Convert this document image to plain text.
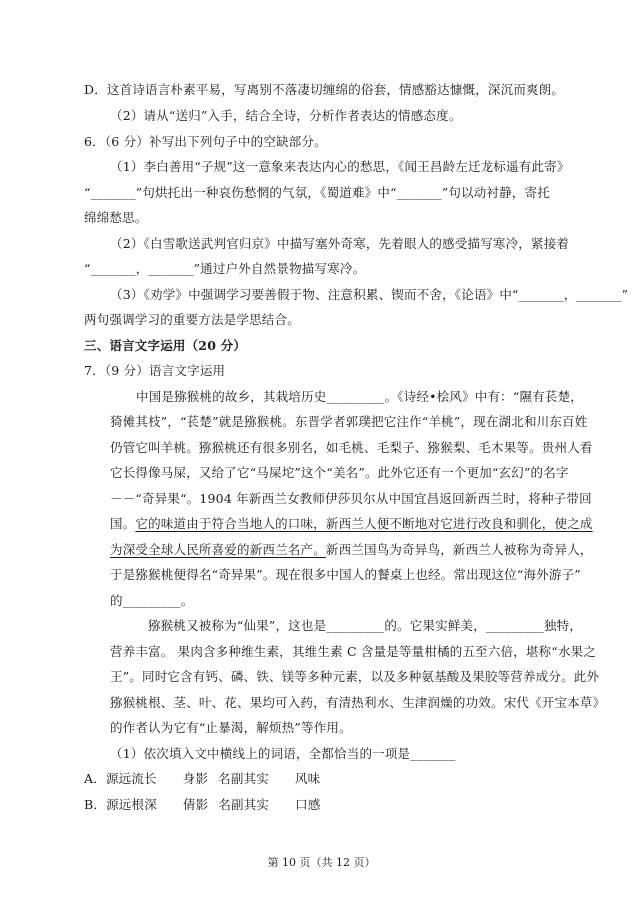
D．这首诗语言朴素平易，写离别不落凄切缠绵的俗套，情感豁达慷慨，深沉而爽朗。
（2）请从“送归”入手，结合全诗，分析作者表达的情感态度。
6．（6 分）补写出下列句子中的空缺部分。
（1）李白善用“子规”这一意象来表达内心的愁思，《闻王昌龄左迁龙标遥有此寄》
“_______”句烘托出一种哀伤愁惘的气氛，《蜀道难》中“_______”句以动衬静，寄托
绵绵愁思。
（2）《白雪歌送武判官归京》中描写塞外奇寒，先着眼人的感受描写寒冷，紧接着
“_______，_______”通过户外自然景物描写寒冷。
（3）《劝学》中强调学习要善假于物、注意积累、锲而不舍，《论语》中“_______，_______”
两句强调学习的重要方法是学思结合。
三、语言文字运用（20 分）
7．（9 分）语言文字运用
中国是猕猴桃的故乡，其栽培历史_________。《诗经•桧风》中有：“隰有苌楚，
猗傩其枝”，“苌楚”就是猕猴桃。东晋学者郭璞把它注作“羊桃”，现在湖北和川东百姓
仍管它叫羊桃。猕猴桃还有很多别名，如毛桃、毛梨子、猕猴梨、毛木果等。贵州人看
它长得像马屎，又给了它“马屎坨”这个“美名”。此外它还有一个更加“玄幻”的名字
－－“奇异果“。1904 年新西兰女教师伊莎贝尔从中国宜昌返回新西兰时，将种子带回
国。它的味道由于符合当地人的口味，新西兰人便不断地对它进行改良和驯化，使之成
为深受全球人民所喜爱的新西兰名产。新西兰国鸟为奇异鸟，新西兰人被称为奇异人，
于是猕猴桃便得名“奇异果”。现在很多中国人的餐桌上也经。常出现这位“海外游子”
的_________。
猕猴桃又被称为“仙果”，这也是_________的。它果实鲜美，_________独特，
营养丰富。 果肉含多种维生素，其维生素 C 含量是等量柑橘的五至六倍，堪称“水果之
王”。同时它含有钙、磷、铁、镁等多种元素，以及多种氨基酸及果胶等营养成分。此外
猕猴桃根、茎、叶、花、果均可入药，有清热利水、生津润燥的功效。宋代《开宝本草》
的作者认为它有“止暴渴，解烦热”等作用。
（1）依次填入文中横线上的词语，全都恰当的一项是_______
A．源远流长 身影 名副其实 风味
B．源远根深 倩影 名副其实 口感
第 10 页（共 12 页）
